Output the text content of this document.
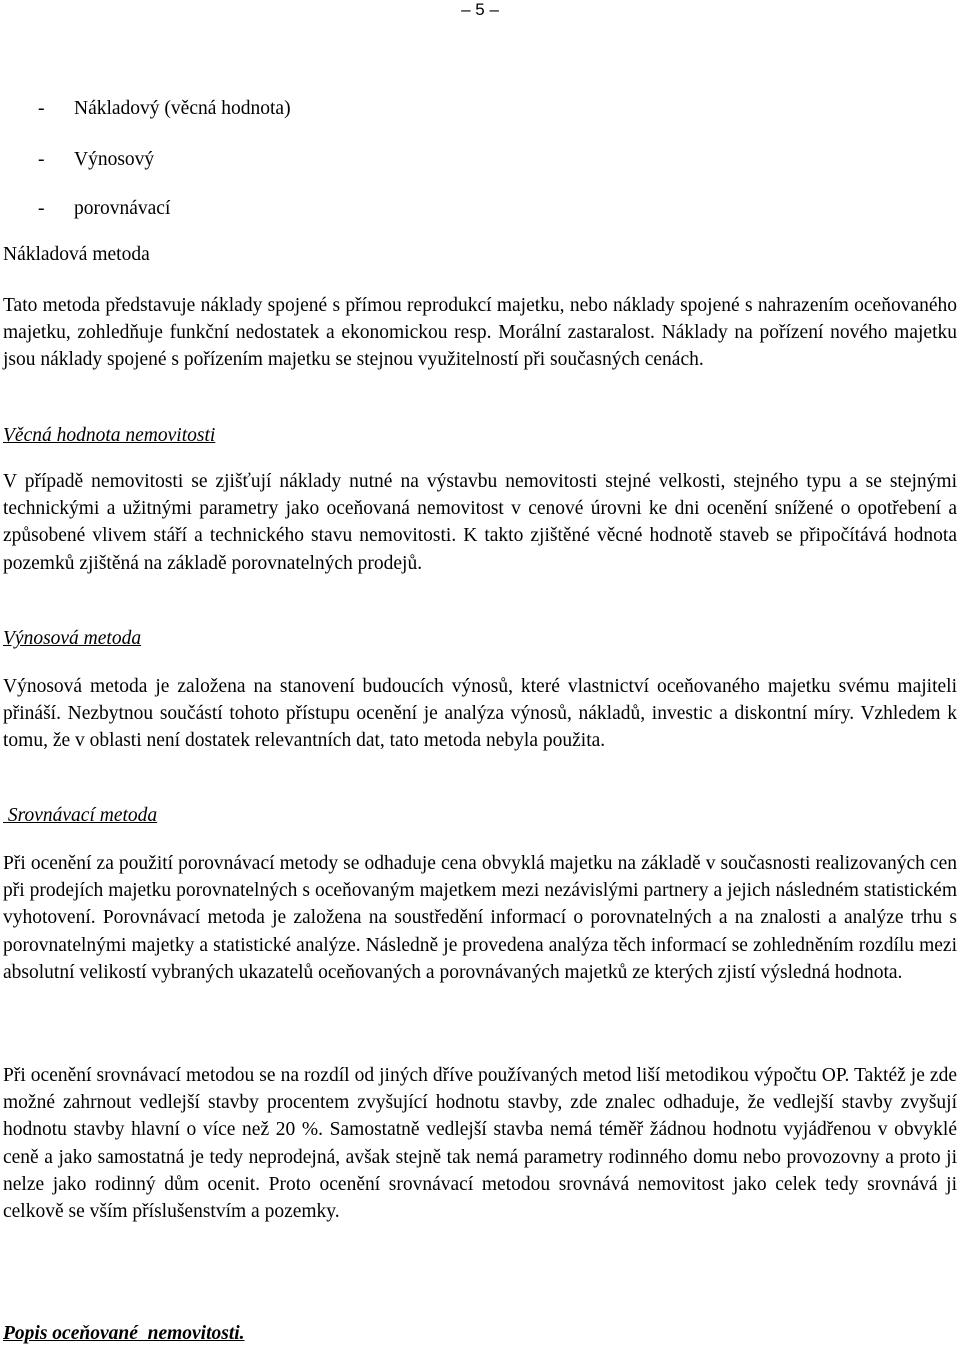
– 5 –
- Nákladový (věcná hodnota)
- Výnosový
- porovnávací
Nákladová metoda

Tato metoda představuje náklady spojené s přímou reprodukcí majetku, nebo náklady spojené s nahrazením oceňovaného majetku, zohledňuje funkční nedostatek a ekonomickou resp. Morální zastaralost. Náklady na pořízení nového majetku jsou náklady spojené s pořízením majetku se stejnou využitelností při současných cenách.

Věcná hodnota nemovitosti

V případě nemovitosti se zjišťují náklady nutné na výstavbu nemovitosti stejné velkosti, stejného typu a se stejnými technickými a užitnými parametry jako oceňovaná nemovitost v cenové úrovni ke dni ocenění snížené o opotřebení a způsobené vlivem stáří a technického stavu nemovitosti. K takto zjištěné věcné hodnotě staveb se připočítává hodnota pozemků zjištěná na základě porovnatelných prodejů.

Výnosová metoda

Výnosová metoda je založena na stanovení budoucích výnosů, které vlastnictví oceňovaného majetku svému majiteli přináší. Nezbytnou součástí tohoto přístupu ocenění je analýza výnosů, nákladů, investic a diskontní míry. Vzhledem k tomu, že v oblasti není dostatek relevantních dat, tato metoda nebyla použita.

Srovnávací metoda

Při ocenění za použití porovnávací metody se odhaduje cena obvyklá majetku na základě v současnosti realizovaných cen při prodejích majetku porovnatelných s oceňovaným majetkem mezi nezávislými partnery a jejich následném statistickém vyhotovení. Porovnávací metoda je založena na soustředění informací o porovnatelných a na znalosti a analýze trhu s porovnatelnými majetky a statistické analýze. Následně je provedena analýza těch informací se zohledněním rozdílu mezi absolutní velikostí vybraných ukazatelů oceňovaných a porovnávaných majetků ze kterých zjistí výsledná hodnota.

Při ocenění srovnávací metodou se na rozdíl od jiných dříve používaných metod liší metodikou výpočtu OP. Taktéž je zde možné zahrnout vedlejší stavby procentem zvyšující hodnotu stavby, zde znalec odhaduje, že vedlejší stavby zvyšují hodnotu stavby hlavní o více než 20 %. Samostatně vedlejší stavba nemá téměř žádnou hodnotu vyjádřenou v obvyklé ceně a jako samostatná je tedy neprodejná, avšak stejně tak nemá parametry rodinného domu nebo provozovny a proto ji nelze jako rodinný dům ocenit. Proto ocenění srovnávací metodou srovnává nemovitost jako celek tedy srovnává ji celkově se vším příslušenstvím a pozemky.

Popis oceňované  nemovitosti.
